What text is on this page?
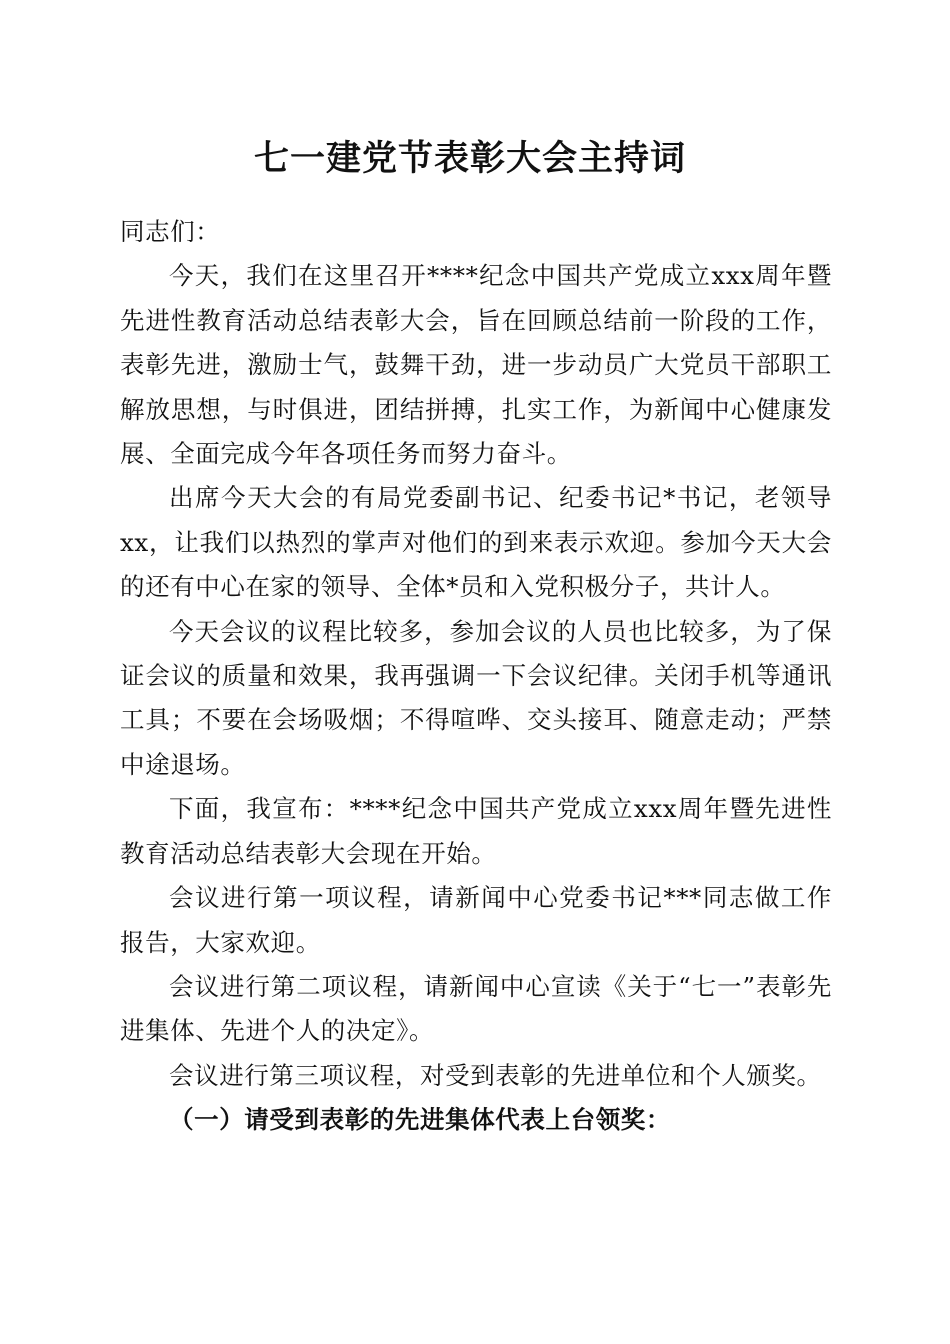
七一建党节表彰大会主持词

同志们：

今天，我们在这里召开****纪念中国共产党成立xxx周年暨先进性教育活动总结表彰大会，旨在回顾总结前一阶段的工作，表彰先进，激励士气，鼓舞干劲，进一步动员广大党员干部职工解放思想，与时俱进，团结拼搏，扎实工作，为新闻中心健康发展、全面完成今年各项任务而努力奋斗。

出席今天大会的有局党委副书记、纪委书记*书记，老领导xx，让我们以热烈的掌声对他们的到来表示欢迎。参加今天大会的还有中心在家的领导、全体*员和入党积极分子，共计人。

今天会议的议程比较多，参加会议的人员也比较多，为了保证会议的质量和效果，我再强调一下会议纪律。关闭手机等通讯工具；不要在会场吸烟；不得喧哗、交头接耳、随意走动；严禁中途退场。

下面，我宣布：****纪念中国共产党成立xxx周年暨先进性教育活动总结表彰大会现在开始。

会议进行第一项议程，请新闻中心党委书记***同志做工作报告，大家欢迎。

会议进行第二项议程，请新闻中心宣读《关于“七一”表彰先进集体、先进个人的决定》。

会议进行第三项议程，对受到表彰的先进单位和个人颁奖。

（一）请受到表彰的先进集体代表上台领奖：
